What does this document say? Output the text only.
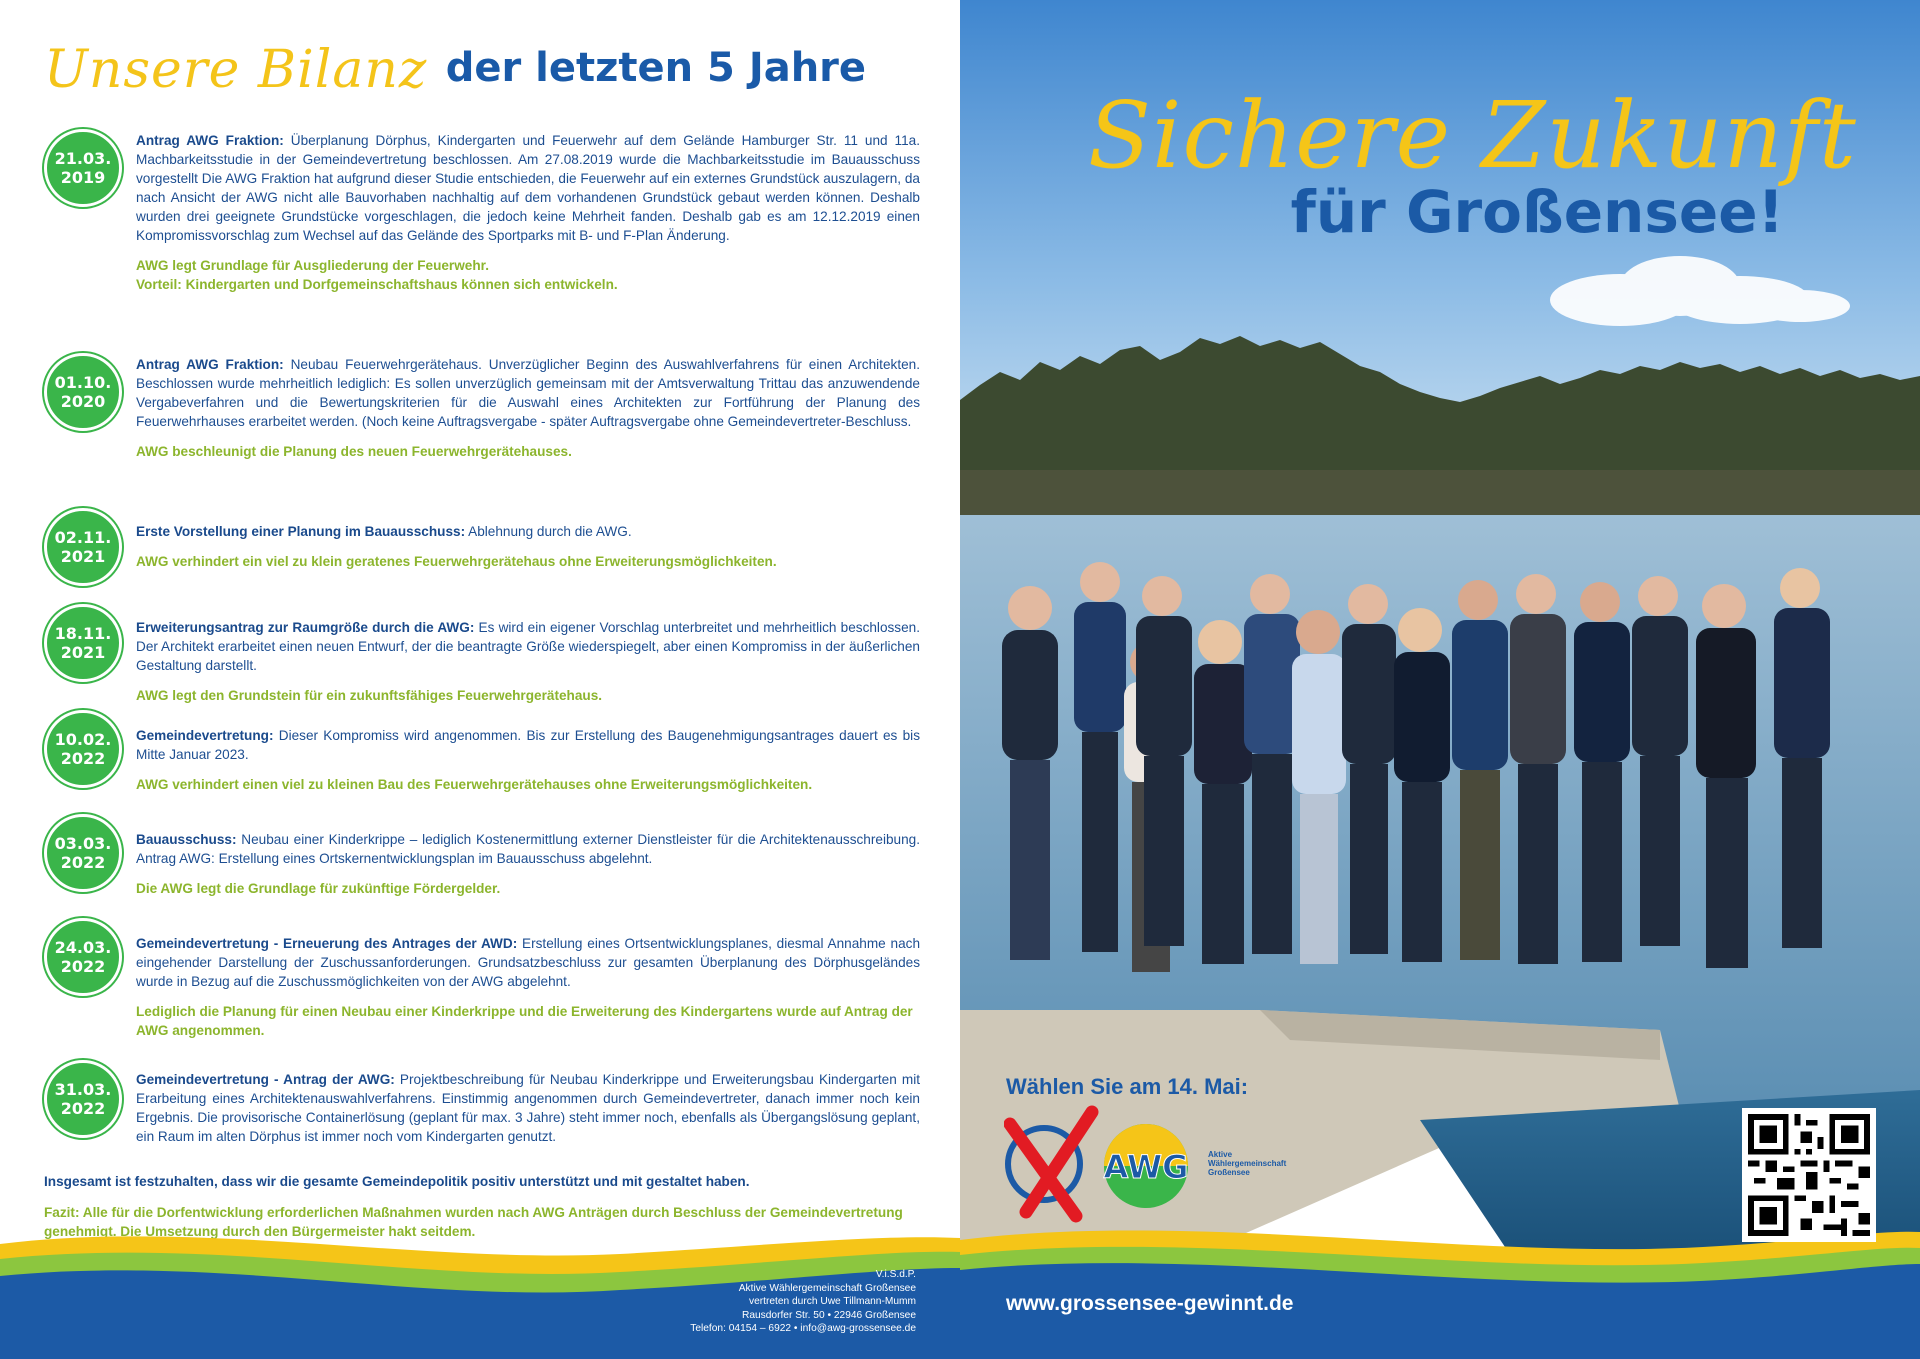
Unsere Bilanz der letzten 5 Jahre
21.03.
2019
Antrag AWG Fraktion: Überplanung Dörphus, Kindergarten und Feuerwehr auf dem Gelände Hamburger Str. 11 und 11a. Machbarkeitsstudie in der Gemeindevertretung beschlossen. Am 27.08.2019 wurde die Machbarkeitsstudie im Bauausschuss vorgestellt Die AWG Fraktion hat aufgrund dieser Studie entschieden, die Feuerwehr auf ein externes Grundstück auszulagern, da nach Ansicht der AWG nicht alle Bauvorhaben nachhaltig auf dem vorhandenen Grundstück gebaut werden können. Deshalb wurden drei geeignete Grundstücke vorgeschlagen, die jedoch keine Mehrheit fanden. Deshalb gab es am 12.12.2019 einen Kompromissvorschlag zum Wechsel auf das Gelände des Sportparks mit B- und F-Plan Änderung.
AWG legt Grundlage für Ausgliederung der Feuerwehr.
Vorteil: Kindergarten und Dorfgemeinschaftshaus können sich entwickeln.
01.10.
2020
Antrag AWG Fraktion: Neubau Feuerwehrgerätehaus. Unverzüglicher Beginn des Auswahlverfahrens für einen Architekten. Beschlossen wurde mehrheitlich lediglich: Es sollen unverzüglich gemeinsam mit der Amtsverwaltung Trittau das anzuwendende Vergabeverfahren und die Bewertungskriterien für die Auswahl eines Architekten zur Fortführung der Planung des Feuerwehrhauses erarbeitet werden. (Noch keine Auftragsvergabe - später Auftragsvergabe ohne Gemeindevertreter-Beschluss.
AWG beschleunigt die Planung des neuen Feuerwehrgerätehauses.
02.11.
2021
Erste Vorstellung einer Planung im Bauausschuss: Ablehnung durch die AWG.
AWG verhindert ein viel zu klein geratenes Feuerwehrgerätehaus ohne Erweiterungsmöglichkeiten.
18.11.
2021
Erweiterungsantrag zur Raumgröße durch die AWG: Es wird ein eigener Vorschlag unterbreitet und mehrheitlich beschlossen. Der Architekt erarbeitet einen neuen Entwurf, der die beantragte Größe wiederspiegelt, aber einen Kompromiss in der äußerlichen Gestaltung darstellt.
AWG legt den Grundstein für ein zukunftsfähiges Feuerwehrgerätehaus.
10.02.
2022
Gemeindevertretung: Dieser Kompromiss wird angenommen. Bis zur Erstellung des Baugenehmigungsantrages dauert es bis Mitte Januar 2023.
AWG verhindert einen viel zu kleinen Bau des Feuerwehrgerätehauses ohne Erweiterungsmöglichkeiten.
03.03.
2022
Bauausschuss: Neubau einer Kinderkrippe – lediglich Kostenermittlung externer Dienstleister für die Architektenausschreibung. Antrag AWG: Erstellung eines Ortskernentwicklungsplan im Bauausschuss abgelehnt.
Die AWG legt die Grundlage für zukünftige Fördergelder.
24.03.
2022
Gemeindevertretung - Erneuerung des Antrages der AWD: Erstellung eines Ortsentwicklungsplanes, diesmal Annahme nach eingehender Darstellung der Zuschussanforderungen. Grundsatzbeschluss zur gesamten Überplanung des Dörphusgeländes wurde in Bezug auf die Zuschussmöglichkeiten von der AWG abgelehnt.
Lediglich die Planung für einen Neubau einer Kinderkrippe und die Erweiterung des Kindergartens wurde auf Antrag der AWG angenommen.
31.03.
2022
Gemeindevertretung - Antrag der AWG: Projektbeschreibung für Neubau Kinderkrippe und Erweiterungsbau Kindergarten mit Erarbeitung eines Architektenauswahlverfahrens. Einstimmig angenommen durch Gemeindevertreter, danach immer noch kein Ergebnis. Die provisorische Containerlösung (geplant für max. 3 Jahre) steht immer noch, ebenfalls als Übergangslösung geplant, ein Raum im alten Dörphus ist immer noch vom Kindergarten genutzt.
Insgesamt ist festzuhalten, dass wir die gesamte Gemeindepolitik positiv unterstützt und mit gestaltet haben.
Fazit: Alle für die Dorfentwicklung erforderlichen Maßnahmen wurden nach AWG Anträgen durch Beschluss der Gemeindevertretung genehmigt. Die Umsetzung durch den Bürgermeister hakt seitdem.
V.i.S.d.P.
Aktive Wählergemeinschaft Großensee
vertreten durch Uwe Tillmann-Mumm
Rausdorfer Str. 50 • 22946 Großensee
Telefon: 04154 – 6922 • info@awg-grossensee.de
Sichere Zukunft
für Großensee!
Wählen Sie am 14. Mai:
AWG Aktive
Wählergemeinschaft
Großensee
www.grossensee-gewinnt.de
